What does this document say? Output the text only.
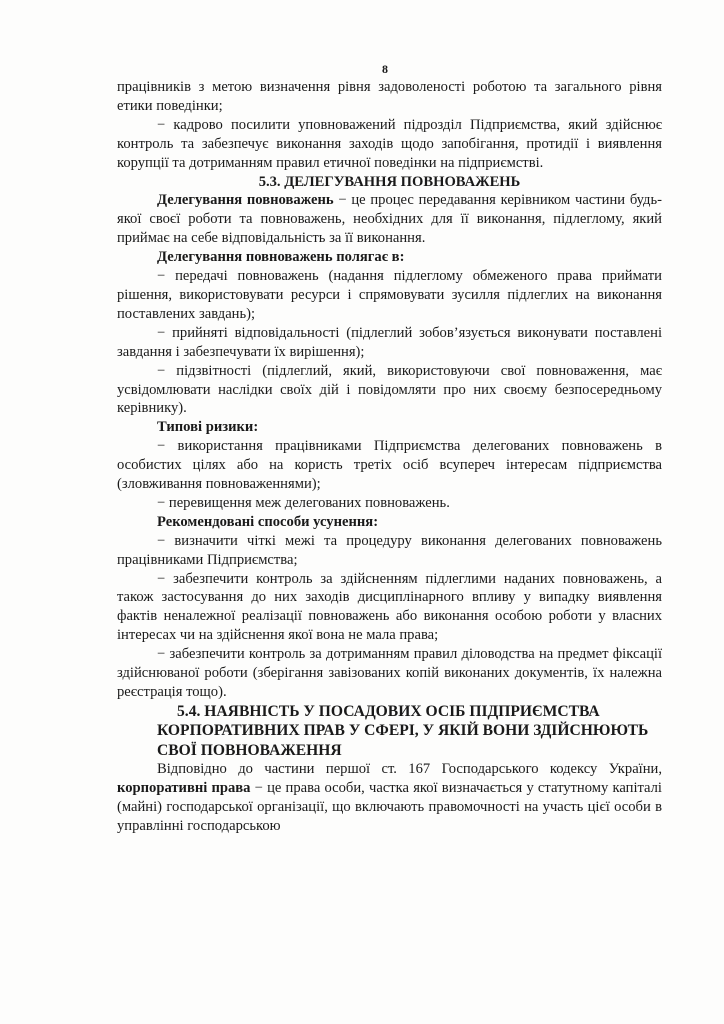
8

працівників з метою визначення рівня задоволеності роботою та загального рівня етики поведінки;

− кадрово посилити уповноважений підрозділ Підприємства, який здійснює контроль та забезпечує виконання заходів щодо запобігання, протидії і виявлення корупції та дотриманням правил етичної поведінки на підприємстві.

5.3. ДЕЛЕГУВАННЯ ПОВНОВАЖЕНЬ

Делегування повноважень − це процес передавання керівником частини будь-якої своєї роботи та повноважень, необхідних для її виконання, підлеглому, який приймає на себе відповідальність за її виконання.

Делегування повноважень полягає в:

− передачі повноважень (надання підлеглому обмеженого права приймати рішення, використовувати ресурси і спрямовувати зусилля підлеглих на виконання поставлених завдань);

− прийняті відповідальності (підлеглий зобов’язується виконувати поставлені завдання і забезпечувати їх вирішення);

− підзвітності (підлеглий, який, використовуючи свої повноваження, має усвідомлювати наслідки своїх дій і повідомляти про них своєму безпосередньому керівнику).

Типові ризики:

− використання працівниками Підприємства делегованих повноважень в особистих цілях або на користь третіх осіб всупереч інтересам підприємства (зловживання повноваженнями);

− перевищення меж делегованих повноважень.

Рекомендовані способи усунення:

− визначити чіткі межі та процедуру виконання делегованих повноважень працівниками Підприємства;

− забезпечити контроль за здійсненням підлеглими наданих повноважень, а також застосування до них заходів дисциплінарного впливу у випадку виявлення фактів неналежної реалізації повноважень або виконання особою роботи у власних інтересах чи на здійснення якої вона не мала права;

− забезпечити контроль за дотриманням правил діловодства на предмет фіксації здійснюваної роботи (зберігання завізованих копій виконаних документів, їх належна реєстрація тощо).

5.4. НАЯВНІСТЬ У ПОСАДОВИХ ОСІБ ПІДПРИЄМСТВА
КОРПОРАТИВНИХ ПРАВ У СФЕРІ, У ЯКІЙ ВОНИ ЗДІЙСНЮЮТЬ
СВОЇ ПОВНОВАЖЕННЯ

Відповідно до частини першої ст. 167 Господарського кодексу України, корпоративні права − це права особи, частка якої визначається у статутному капіталі (майні) господарської організації, що включають правомочності на участь цієї особи в управлінні господарською
